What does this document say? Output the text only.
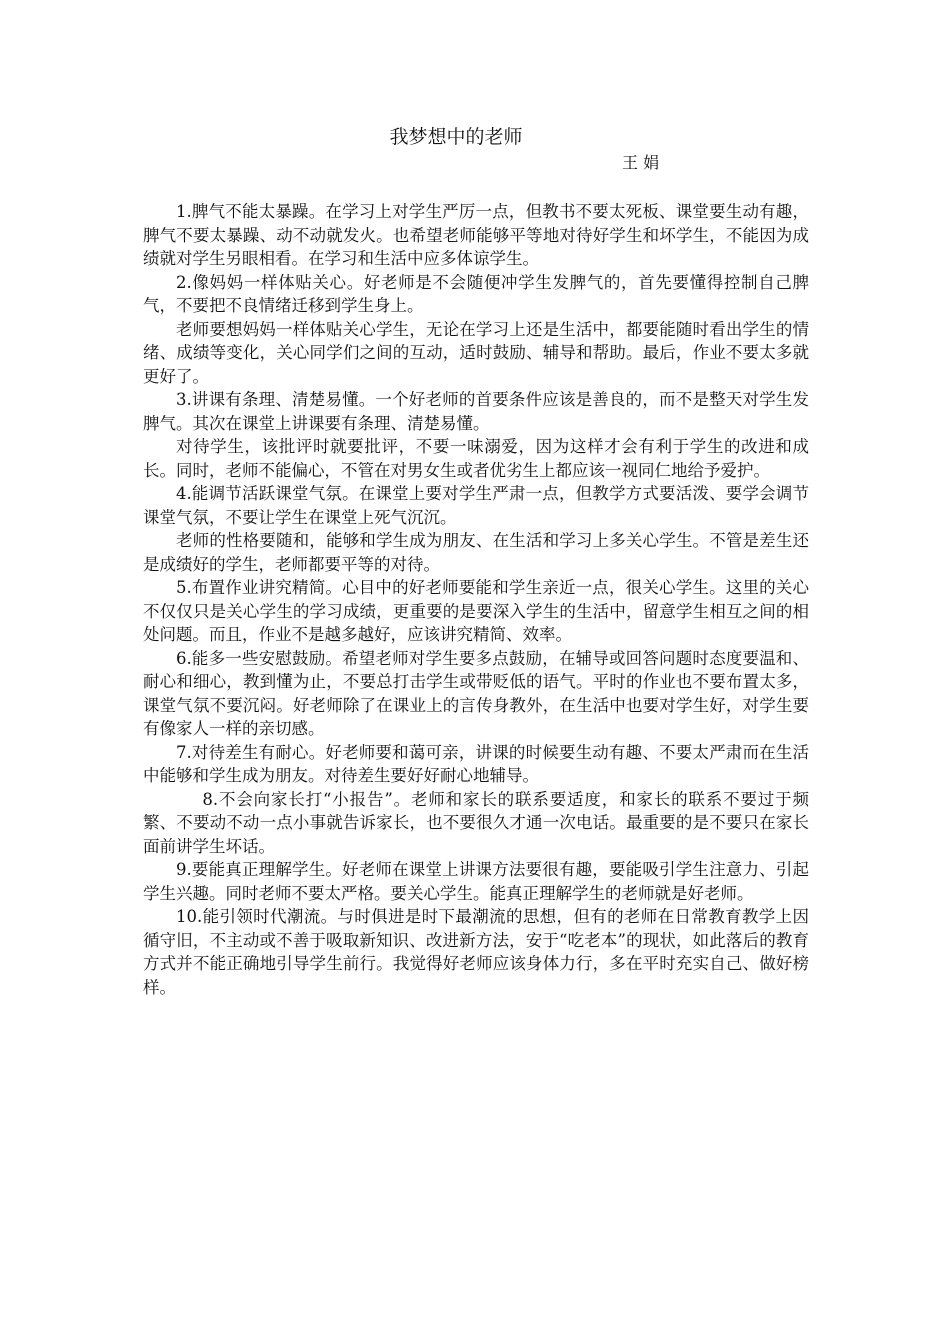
我梦想中的老师

王 娟

1.脾气不能太暴躁。在学习上对学生严厉一点，但教书不要太死板、课堂要生动有趣，脾气不要太暴躁、动不动就发火。也希望老师能够平等地对待好学生和坏学生，不能因为成绩就对学生另眼相看。在学习和生活中应多体谅学生。

2.像妈妈一样体贴关心。好老师是不会随便冲学生发脾气的，首先要懂得控制自己脾气，不要把不良情绪迁移到学生身上。

老师要想妈妈一样体贴关心学生，无论在学习上还是生活中，都要能随时看出学生的情绪、成绩等变化，关心同学们之间的互动，适时鼓励、辅导和帮助。最后，作业不要太多就更好了。

3.讲课有条理、清楚易懂。一个好老师的首要条件应该是善良的，而不是整天对学生发脾气。其次在课堂上讲课要有条理、清楚易懂。

对待学生，该批评时就要批评，不要一味溺爱，因为这样才会有利于学生的改进和成长。同时，老师不能偏心，不管在对男女生或者优劣生上都应该一视同仁地给予爱护。

4.能调节活跃课堂气氛。在课堂上要对学生严肃一点，但教学方式要活泼、要学会调节课堂气氛，不要让学生在课堂上死气沉沉。

老师的性格要随和，能够和学生成为朋友、在生活和学习上多关心学生。不管是差生还是成绩好的学生，老师都要平等的对待。

5.布置作业讲究精简。心目中的好老师要能和学生亲近一点，很关心学生。这里的关心不仅仅只是关心学生的学习成绩，更重要的是要深入学生的生活中，留意学生相互之间的相处问题。而且，作业不是越多越好，应该讲究精简、效率。

6.能多一些安慰鼓励。希望老师对学生要多点鼓励，在辅导或回答问题时态度要温和、耐心和细心，教到懂为止，不要总打击学生或带贬低的语气。平时的作业也不要布置太多，课堂气氛不要沉闷。好老师除了在课业上的言传身教外，在生活中也要对学生好，对学生要有像家人一样的亲切感。

7.对待差生有耐心。好老师要和蔼可亲，讲课的时候要生动有趣、不要太严肃而在生活中能够和学生成为朋友。对待差生要好好耐心地辅导。

8.不会向家长打“小报告”。老师和家长的联系要适度，和家长的联系不要过于频繁、不要动不动一点小事就告诉家长，也不要很久才通一次电话。最重要的是不要只在家长面前讲学生坏话。

9.要能真正理解学生。好老师在课堂上讲课方法要很有趣，要能吸引学生注意力、引起学生兴趣。同时老师不要太严格。要关心学生。能真正理解学生的老师就是好老师。

10.能引领时代潮流。与时俱进是时下最潮流的思想，但有的老师在日常教育教学上因循守旧，不主动或不善于吸取新知识、改进新方法，安于“吃老本”的现状，如此落后的教育方式并不能正确地引导学生前行。我觉得好老师应该身体力行，多在平时充实自己、做好榜样。
